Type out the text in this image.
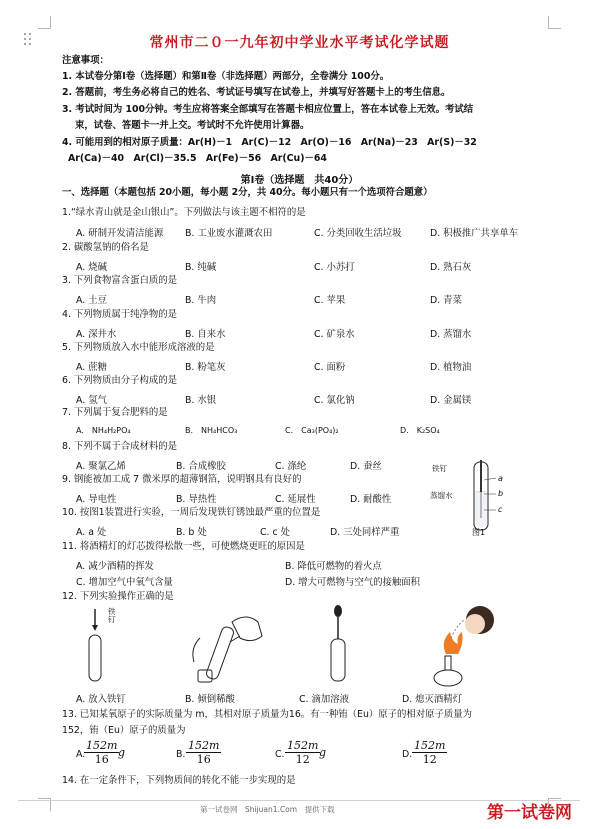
常州市二０一九年初中学业水平考试化学试题
注意事项：
1. 本试卷分第Ⅰ卷（选择题）和第Ⅱ卷（非选择题）两部分，全卷满分 100分。
2. 答题前，考生务必将自己的姓名、考试证号填写在试卷上，并填写好答题卡上的考生信息。
3. 考试时间为 100分钟。考生应将答案全部填写在答题卡相应位置上，答在本试卷上无效。考试结
束，试卷、答题卡一并上交。考试时不允许使用计算器。
4. 可能用到的相对原子质量：Ar(H)－1　Ar(C)－12　Ar(O)－16　Ar(Na)－23　Ar(S)－32
Ar(Ca)－40　Ar(Cl)－35.5　Ar(Fe)－56　Ar(Cu)－64
第Ⅰ卷（选择题　共40分）
一、选择题（本题包括 20小题，每小题 2分，共 40分。每小题只有一个选项符合题意）
1.“绿水青山就是金山银山”。下列做法与该主题不相符的是
A. 研制开发清洁能源 B. 工业废水灌溉农田	C. 分类回收生活垃圾	D. 积极推广共享单车
2. 碳酸氢钠的俗名是
A. 烧碱	B. 纯碱	C. 小苏打	D. 熟石灰
3. 下列食物富含蛋白质的是
A. 土豆	B. 牛肉	C. 苹果	D. 青菜
4. 下列物质属于纯净物的是
A. 深井水	B. 自来水	C. 矿泉水	D. 蒸馏水
5. 下列物质放入水中能形成溶液的是
A. 蔗糖	B. 粉笔灰	C. 面粉	D. 植物油
6. 下列物质由分子构成的是
A. 氢气	B. 水银	C. 氯化钠	D. 金属镁
7. 下列属于复合肥料的是
A.　NH₄H₂PO₄	B.　NH₄HCO₃	C.　Ca₃(PO₄)₂	D.　K₂SO₄
8. 下列不属于合成材料的是
A. 聚氯乙烯	B. 合成橡胶	C. 涤纶	D. 蚕丝
9. 钢能被加工成 7 微米厚的超薄钢箔，说明钢具有良好的
A. 导电性	B. 导热性	C. 延展性	D. 耐酸性
10. 按图1装置进行实验，一周后发现铁钉锈蚀最严重的位置是
A. a 处	B. b 处	C. c 处	D. 三处同样严重
铁钉
蒸馏水
a
b
c
图1
11. 将酒精灯的灯芯拨得松散一些，可使燃烧更旺的原因是
A. 减少酒精的挥发	B. 降低可燃物的着火点
C. 增加空气中氧气含量	D. 增大可燃物与空气的接触面积
12. 下列实验操作正确的是
铁钉
A. 放入铁钉	B. 倾倒稀酸	C. 滴加溶液	D. 熄灭酒精灯
13. 已知某氧原子的实际质量为 m，其相对原子质量为16。有一种铕（Eu）原子的相对原子质量为
152，铕（Eu）原子的质量为
A.
$\frac{152m}{16}$
g	B. $\frac{152m}{16}$	C. $\frac{152m}{12}$
g	D. $\frac{152m}{12}$
14. 在一定条件下，下列物质间的转化不能一步实现的是
第一试卷网　Shijuan1.Com　提供下载	第一试卷网
